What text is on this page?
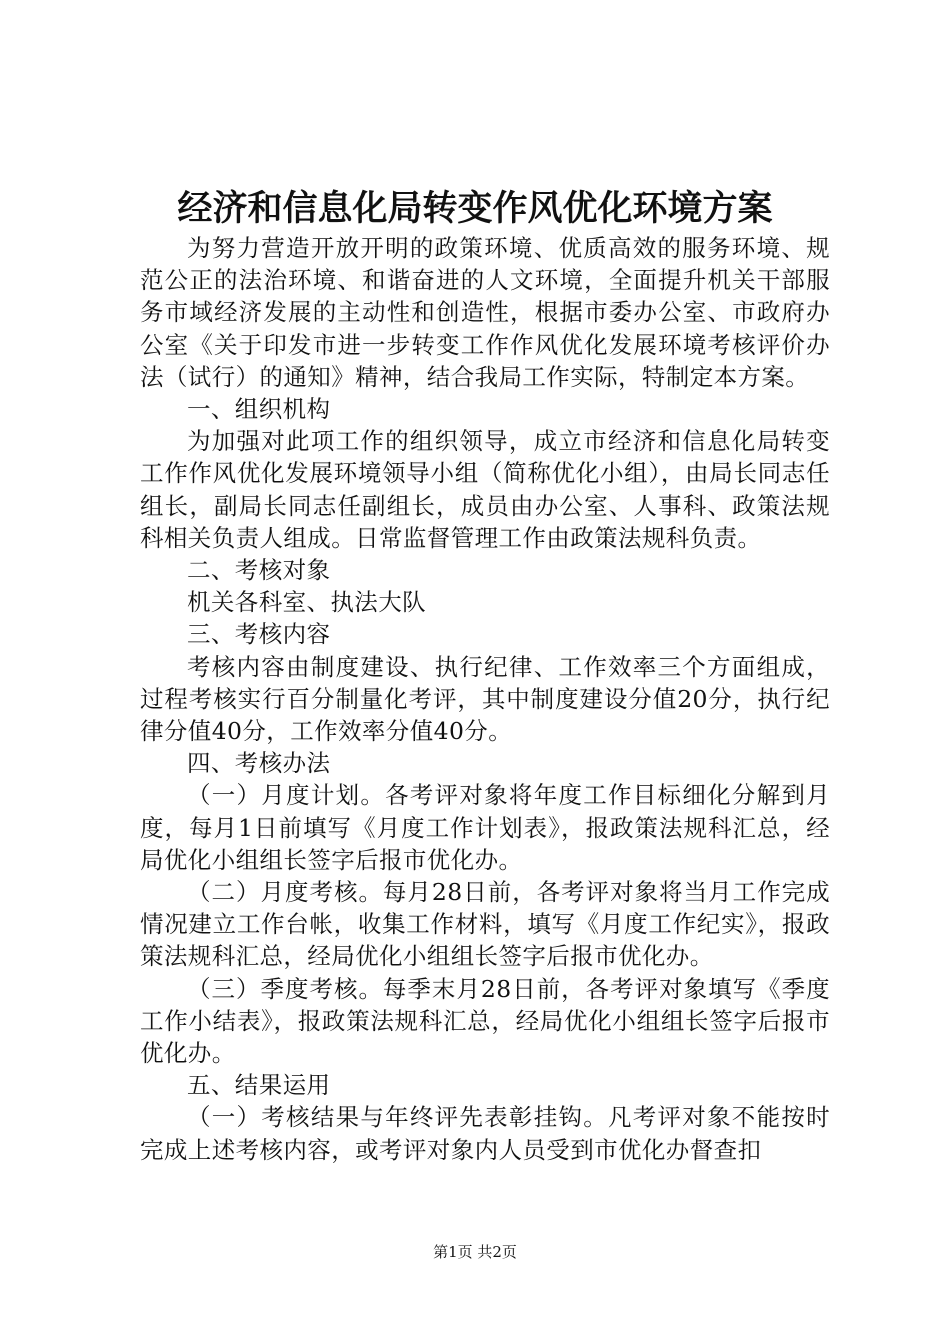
经济和信息化局转变作风优化环境方案

为努力营造开放开明的政策环境、优质高效的服务环境、规范公正的法治环境、和谐奋进的人文环境，全面提升机关干部服务市域经济发展的主动性和创造性，根据市委办公室、市政府办公室《关于印发市进一步转变工作作风优化发展环境考核评价办法（试行）的通知》精神，结合我局工作实际，特制定本方案。

一、组织机构

为加强对此项工作的组织领导，成立市经济和信息化局转变工作作风优化发展环境领导小组（简称优化小组），由局长同志任组长，副局长同志任副组长，成员由办公室、人事科、政策法规科相关负责人组成。日常监督管理工作由政策法规科负责。

二、考核对象

机关各科室、执法大队

三、考核内容

考核内容由制度建设、执行纪律、工作效率三个方面组成，过程考核实行百分制量化考评，其中制度建设分值20分，执行纪律分值40分，工作效率分值40分。

四、考核办法

（一）月度计划。各考评对象将年度工作目标细化分解到月度，每月1日前填写《月度工作计划表》，报政策法规科汇总，经局优化小组组长签字后报市优化办。

（二）月度考核。每月28日前，各考评对象将当月工作完成情况建立工作台帐，收集工作材料，填写《月度工作纪实》，报政策法规科汇总，经局优化小组组长签字后报市优化办。

（三）季度考核。每季末月28日前，各考评对象填写《季度工作小结表》，报政策法规科汇总，经局优化小组组长签字后报市优化办。

五、结果运用

（一）考核结果与年终评先表彰挂钩。凡考评对象不能按时完成上述考核内容，或考评对象内人员受到市优化办督查扣

第1页 共2页
